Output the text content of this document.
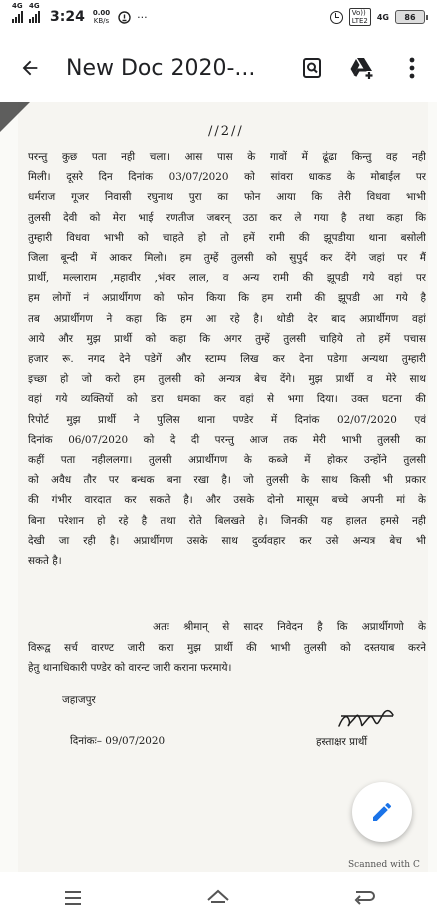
4G 4G
3:24 0.00
KB/s	···	Vo))
LTE2 4G 86
New Doc 2020-...
//2//
परन्तु कुछ पता नही चला। आस पास के गावों में ढूंढा किन्तु वह नही
मिली। दूसरे दिन दिनांक 03/07/2020 को सांवरा धाकड के मोबाईल पर
धर्मराज गूजर निवासी रघुनाथ पुरा का फोन आया कि तेरी विधवा भाभी
तुलसी देवी को मेरा भाई रणतीज जबरन् उठा कर ले गया है तथा कहा कि
तुम्हारी विधवा भाभी को चाहते हो तो हमें रामी की झूपडीया थाना बसोली
जिला बून्दी में आकर मिलो। हम तुम्हें तुलसी को सुपुर्द कर देंगे जहां पर मैं
प्रार्थी, मल्लाराम ,महावीर ,भंवर लाल, व अन्य रामी की झूपडी गये वहां पर
हम लोगों नं अप्रार्थीगण को फोन किया कि हम रामी की झूपडी आ गये है
तब अप्रार्थीगण ने कहा कि हम आ रहे है। थोडी देर बाद अप्रार्थीगण वहां
आये और मुझ प्रार्थी को कहा कि अगर तुम्हें तुलसी चाहिये तो हमें पचास
हजार रू. नगद देने पडेगें और स्टाम्प लिख कर देना पडेगा अन्यथा तुम्हारी
इच्छा हो जो करो हम तुलसी को अन्यत्र बेच देंगे। मुझ प्रार्थी व मेरे साथ
वहां गये व्यक्तियों को डरा धमका कर वहां से भगा दिया। उक्त घटना की
रिपोर्ट मुझ प्रार्थी ने पुलिस थाना पण्डेर में दिनांक 02/07/2020 एवं
दिनांक 06/07/2020 को दे दी परन्तु आज तक मेरी भाभी तुलसी का
कहीं पता नहीललगा। तुलसी अप्रार्थीगण के कब्जे में होकर उन्होंने तुलसी
को अवैध तौर पर बन्धक बना रखा है। जो तुलसी के साथ किसी भी प्रकार
की गंभीर वारदात कर सकते है। और उसके दोनो मासूम बच्चे अपनी मां के
बिना परेशान हो रहे है तथा रोते बिलखते हे। जिनकी यह हालत हमसे नही
देखी जा रही है। अप्रार्थीगण उसके साथ दुर्व्यवहार कर उसे अन्यत्र बेच भी
सकते है।
अतः श्रीमान् से सादर निवेदन है कि अप्रार्थीगणो के
विरूद्व सर्च वारण्ट जारी करा मुझ प्रार्थी की भाभी तुलसी को दस्तयाब करने
हेतु थानाधिकारी पण्डेर को वारन्ट जारी कराना फरमाये।
जहाजपुर
दिनांकः– 09/07/2020	हस्ताक्षर प्रार्थी
Scanned with C
